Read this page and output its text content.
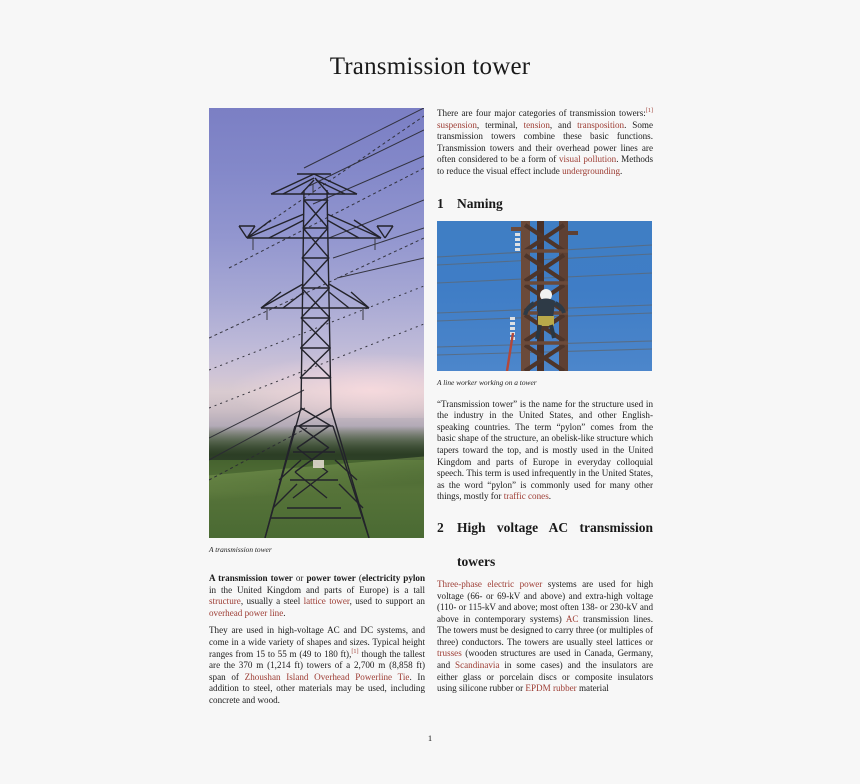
Transmission tower
A transmission tower

A transmission tower or power tower (electricity pylon in the United Kingdom and parts of Europe) is a tall structure, usually a steel lattice tower, used to support an overhead power line.

They are used in high-voltage AC and DC systems, and come in a wide variety of shapes and sizes. Typical height ranges from 15 to 55 m (49 to 180 ft),[1] though the tallest are the 370 m (1,214 ft) towers of a 2,700 m (8,858 ft) span of Zhoushan Island Overhead Powerline Tie. In addition to steel, other materials may be used, including concrete and wood.

There are four major categories of transmission towers:[1] suspension, terminal, tension, and transposition. Some transmission towers combine these basic functions. Transmission towers and their overhead power lines are often considered to be a form of visual pollution. Methods to reduce the visual effect include undergrounding.

1 Naming
A line worker working on a tower

“Transmission tower” is the name for the structure used in the industry in the United States, and other English-speaking countries. The term “pylon” comes from the basic shape of the structure, an obelisk-like structure which tapers toward the top, and is mostly used in the United Kingdom and parts of Europe in everyday colloquial speech. This term is used infrequently in the United States, as the word “pylon” is commonly used for many other things, mostly for traffic cones.

2 High voltage AC transmission
towers

Three-phase electric power systems are used for high voltage (66- or 69-kV and above) and extra-high voltage (110- or 115-kV and above; most often 138- or 230-kV and above in contemporary systems) AC transmission lines. The towers must be designed to carry three (or multiples of three) conductors. The towers are usually steel lattices or trusses (wooden structures are used in Canada, Germany, and Scandinavia in some cases) and the insulators are either glass or porcelain discs or composite insulators using silicone rubber or EPDM rubber material

1
